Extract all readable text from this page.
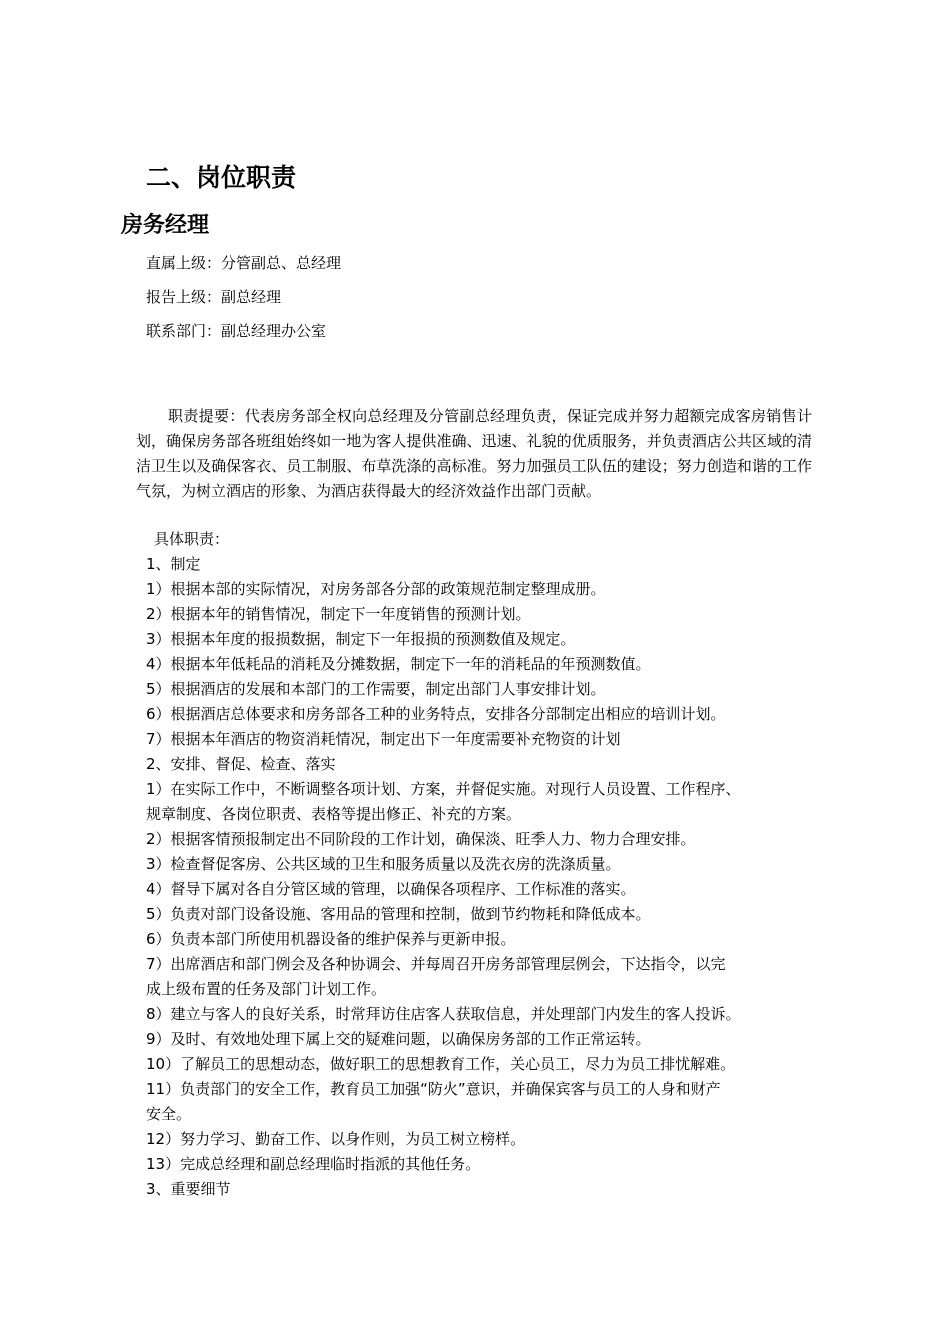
二、岗位职责
房务经理
直属上级：分管副总、总经理
报告上级：副总经理
联系部门：副总经理办公室

职责提要：代表房务部全权向总经理及分管副总经理负责，保证完成并努力超额完成客房销售计划，确保房务部各班组始终如一地为客人提供准确、迅速、礼貌的优质服务，并负责酒店公共区域的清洁卫生以及确保客衣、员工制服、布草洗涤的高标准。努力加强员工队伍的建设；努力创造和谐的工作气氛，为树立酒店的形象、为酒店获得最大的经济效益作出部门贡献。

具体职责：
1、制定
1）根据本部的实际情况，对房务部各分部的政策规范制定整理成册。
2）根据本年的销售情况，制定下一年度销售的预测计划。
3）根据本年度的报损数据，制定下一年报损的预测数值及规定。
4）根据本年低耗品的消耗及分摊数据，制定下一年的消耗品的年预测数值。
5）根据酒店的发展和本部门的工作需要，制定出部门人事安排计划。
6）根据酒店总体要求和房务部各工种的业务特点，安排各分部制定出相应的培训计划。
7）根据本年酒店的物资消耗情况，制定出下一年度需要补充物资的计划
2、安排、督促、检查、落实
1）在实际工作中，不断调整各项计划、方案，并督促实施。对现行人员设置、工作程序、
规章制度、各岗位职责、表格等提出修正、补充的方案。
2）根据客情预报制定出不同阶段的工作计划，确保淡、旺季人力、物力合理安排。
3）检查督促客房、公共区域的卫生和服务质量以及洗衣房的洗涤质量。
4）督导下属对各自分管区域的管理，以确保各项程序、工作标准的落实。
5）负责对部门设备设施、客用品的管理和控制，做到节约物耗和降低成本。
6）负责本部门所使用机器设备的维护保养与更新申报。
7）出席酒店和部门例会及各种协调会、并每周召开房务部管理层例会，下达指令，以完
成上级布置的任务及部门计划工作。
8）建立与客人的良好关系，时常拜访住店客人获取信息，并处理部门内发生的客人投诉。
9）及时、有效地处理下属上交的疑难问题，以确保房务部的工作正常运转。
10）了解员工的思想动态，做好职工的思想教育工作，关心员工，尽力为员工排忧解难。
11）负责部门的安全工作，教育员工加强“防火”意识，并确保宾客与员工的人身和财产
安全。
12）努力学习、勤奋工作、以身作则，为员工树立榜样。
13）完成总经理和副总经理临时指派的其他任务。
3、重要细节
